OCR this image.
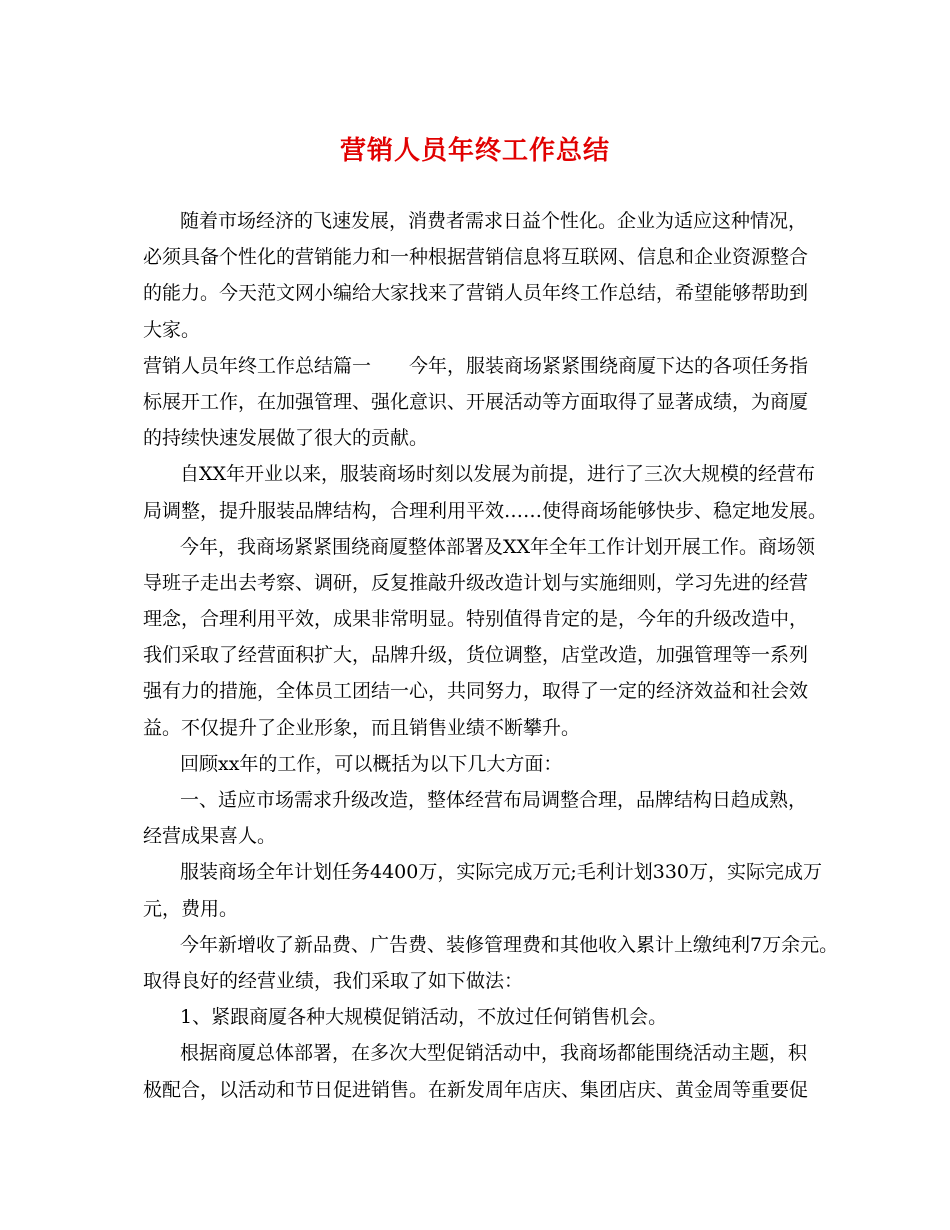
营销人员年终工作总结
随着市场经济的飞速发展，消费者需求日益个性化。企业为适应这种情况，
必须具备个性化的营销能力和一种根据营销信息将互联网、信息和企业资源整合
的能力。今天范文网小编给大家找来了营销人员年终工作总结，希望能够帮助到
大家。
营销人员年终工作总结篇一　　今年，服装商场紧紧围绕商厦下达的各项任务指
标展开工作，在加强管理、强化意识、开展活动等方面取得了显著成绩，为商厦
的持续快速发展做了很大的贡献。
自XX年开业以来，服装商场时刻以发展为前提，进行了三次大规模的经营布
局调整，提升服装品牌结构，合理利用平效……使得商场能够快步、稳定地发展。
今年，我商场紧紧围绕商厦整体部署及XX年全年工作计划开展工作。商场领
导班子走出去考察、调研，反复推敲升级改造计划与实施细则，学习先进的经营
理念，合理利用平效，成果非常明显。特别值得肯定的是，今年的升级改造中，
我们采取了经营面积扩大，品牌升级，货位调整，店堂改造，加强管理等一系列
强有力的措施，全体员工团结一心，共同努力，取得了一定的经济效益和社会效
益。不仅提升了企业形象，而且销售业绩不断攀升。
回顾xx年的工作，可以概括为以下几大方面：
一、适应市场需求升级改造，整体经营布局调整合理，品牌结构日趋成熟，
经营成果喜人。
服装商场全年计划任务4400万，实际完成万元;毛利计划330万，实际完成万
元，费用。
今年新增收了新品费、广告费、装修管理费和其他收入累计上缴纯利7万余元。
取得良好的经营业绩，我们采取了如下做法：
1、紧跟商厦各种大规模促销活动，不放过任何销售机会。
根据商厦总体部署，在多次大型促销活动中，我商场都能围绕活动主题，积
极配合，以活动和节日促进销售。在新发周年店庆、集团店庆、黄金周等重要促
